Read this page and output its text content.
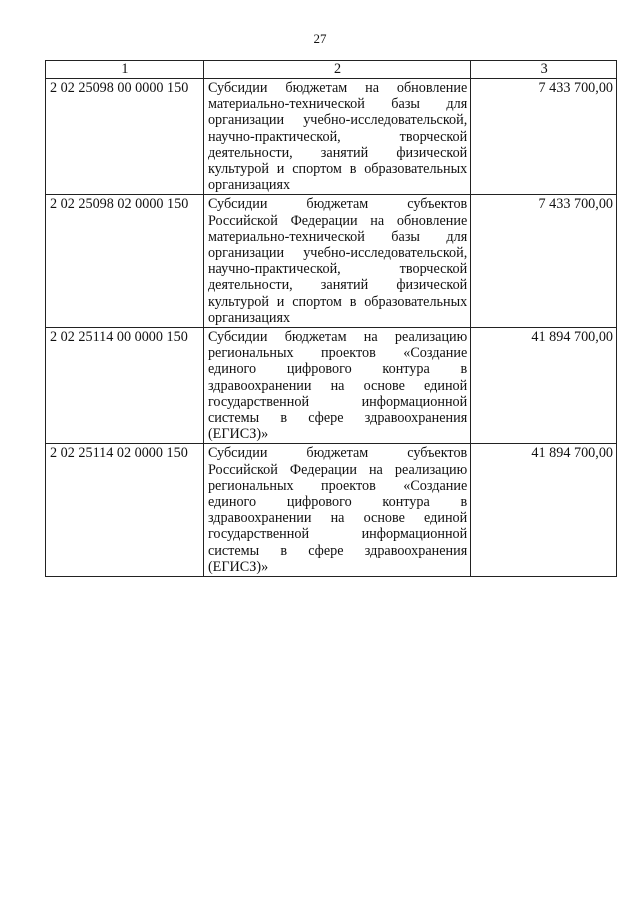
27
1	2	3
2 02 25098 00 0000 150	Субсидии бюджетам на обновление материально-технической базы для организации учебно-исследовательской, научно-практической, творческой деятельности, занятий физической культурой и спортом в образовательных организациях	7 433 700,00
2 02 25098 02 0000 150	Субсидии бюджетам субъектов Российской Федерации на обновление материально-технической базы для организации учебно-исследовательской, научно-практической, творческой деятельности, занятий физической культурой и спортом в образовательных организациях	7 433 700,00
2 02 25114 00 0000 150	Субсидии бюджетам на реализацию региональных проектов «Создание единого цифрового контура в здравоохранении на основе единой государственной информационной системы в сфере здравоохранения (ЕГИСЗ)»	41 894 700,00
2 02 25114 02 0000 150	Субсидии бюджетам субъектов Российской Федерации на реализацию региональных проектов «Создание единого цифрового контура в здравоохранении на основе единой государственной информационной системы в сфере здравоохранения (ЕГИСЗ)»	41 894 700,00
